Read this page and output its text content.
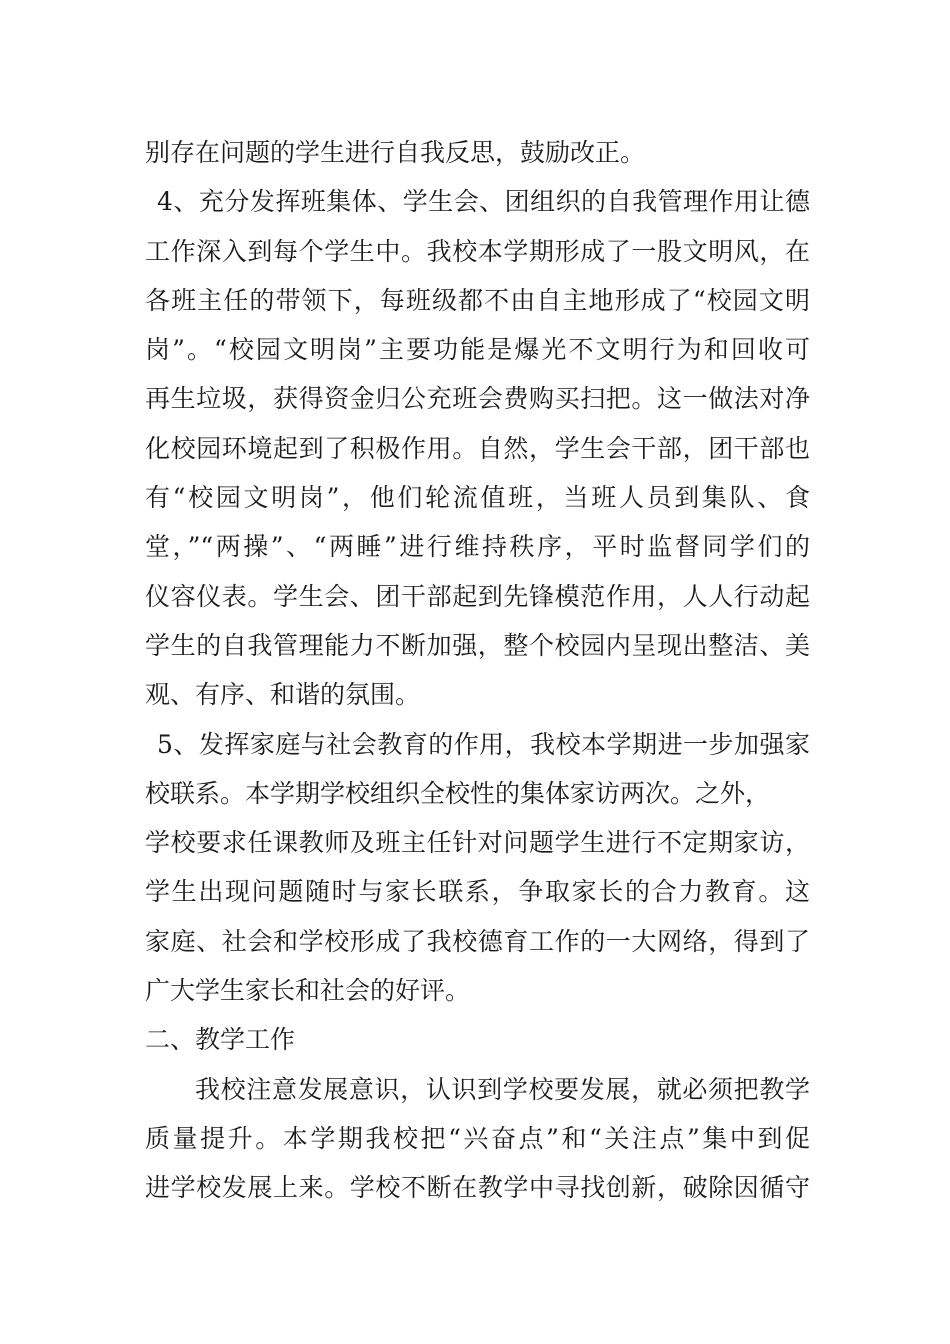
别存在问题的学生进行自我反思，鼓励改正。
4、充分发挥班集体、学生会、团组织的自我管理作用让德
工作深入到每个学生中。我校本学期形成了一股文明风，在
各班主任的带领下，每班级都不由自主地形成了“校园文明
岗”。“校园文明岗”主要功能是爆光不文明行为和回收可
再生垃圾，获得资金归公充班会费购买扫把。这一做法对净
化校园环境起到了积极作用。自然，学生会干部，团干部也
有“校园文明岗”，他们轮流值班，当班人员到集队、食
堂，”“两操”、“两睡”进行维持秩序，平时监督同学们的
仪容仪表。学生会、团干部起到先锋模范作用，人人行动起
学生的自我管理能力不断加强，整个校园内呈现出整洁、美
观、有序、和谐的氛围。
5、发挥家庭与社会教育的作用，我校本学期进一步加强家
校联系。本学期学校组织全校性的集体家访两次。之外，
学校要求任课教师及班主任针对问题学生进行不定期家访，
学生出现问题随时与家长联系，争取家长的合力教育。这
家庭、社会和学校形成了我校德育工作的一大网络，得到了
广大学生家长和社会的好评。
二、教学工作
我校注意发展意识，认识到学校要发展，就必须把教学
质量提升。本学期我校把“兴奋点”和“关注点”集中到促
进学校发展上来。学校不断在教学中寻找创新，破除因循守
